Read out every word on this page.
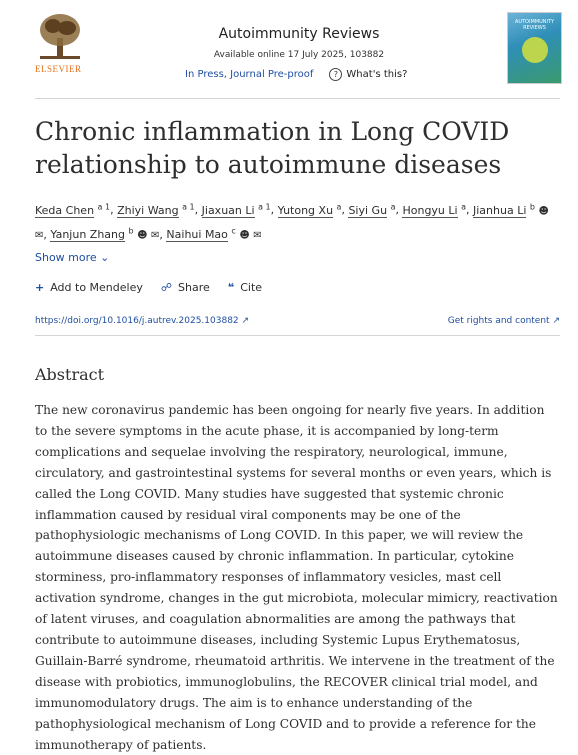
ELSEVIER
Autoimmunity Reviews
Available online 17 July 2025, 103882
In Press, Journal Pre-proof	? What's this?
AUTOIMMUNITY REVIEWS
Chronic inflammation in Long COVID relationship to autoimmune diseases
Keda Chen $^{a 1}$, Zhiyi Wang $^{a 1}$, Jiaxuan Li $^{a 1}$, Yutong Xu $^a$, Siyi Gu $^a$, Hongyu Li $^a$, Jianhua Li $^b$ ☻ ✉, Yanjun Zhang $^b$ ☻ ✉, Naihui Mao $^c$ ☻ ✉
Show more ⌄
+ Add to Mendeley ☍ Share ❝ Cite
https://doi.org/10.1016/j.autrev.2025.103882 ↗	Get rights and content ↗
Abstract
The new coronavirus pandemic has been ongoing for nearly five years. In addition to the severe symptoms in the acute phase, it is accompanied by long-term complications and sequelae involving the respiratory, neurological, immune, circulatory, and gastrointestinal systems for several months or even years, which is called the Long COVID. Many studies have suggested that systemic chronic inflammation caused by residual viral components may be one of the pathophysiologic mechanisms of Long COVID. In this paper, we will review the autoimmune diseases caused by chronic inflammation. In particular, cytokine storminess, pro-inflammatory responses of inflammatory vesicles, mast cell activation syndrome, changes in the gut microbiota, molecular mimicry, reactivation of latent viruses, and coagulation abnormalities are among the pathways that contribute to autoimmune diseases, including Systemic Lupus Erythematosus, Guillain-Barré syndrome, rheumatoid arthritis. We intervene in the treatment of the disease with probiotics, immunoglobulins, the RECOVER clinical trial model, and immunomodulatory drugs. The aim is to enhance understanding of the pathophysiological mechanism of Long COVID and to provide a reference for the immunotherapy of patients.
